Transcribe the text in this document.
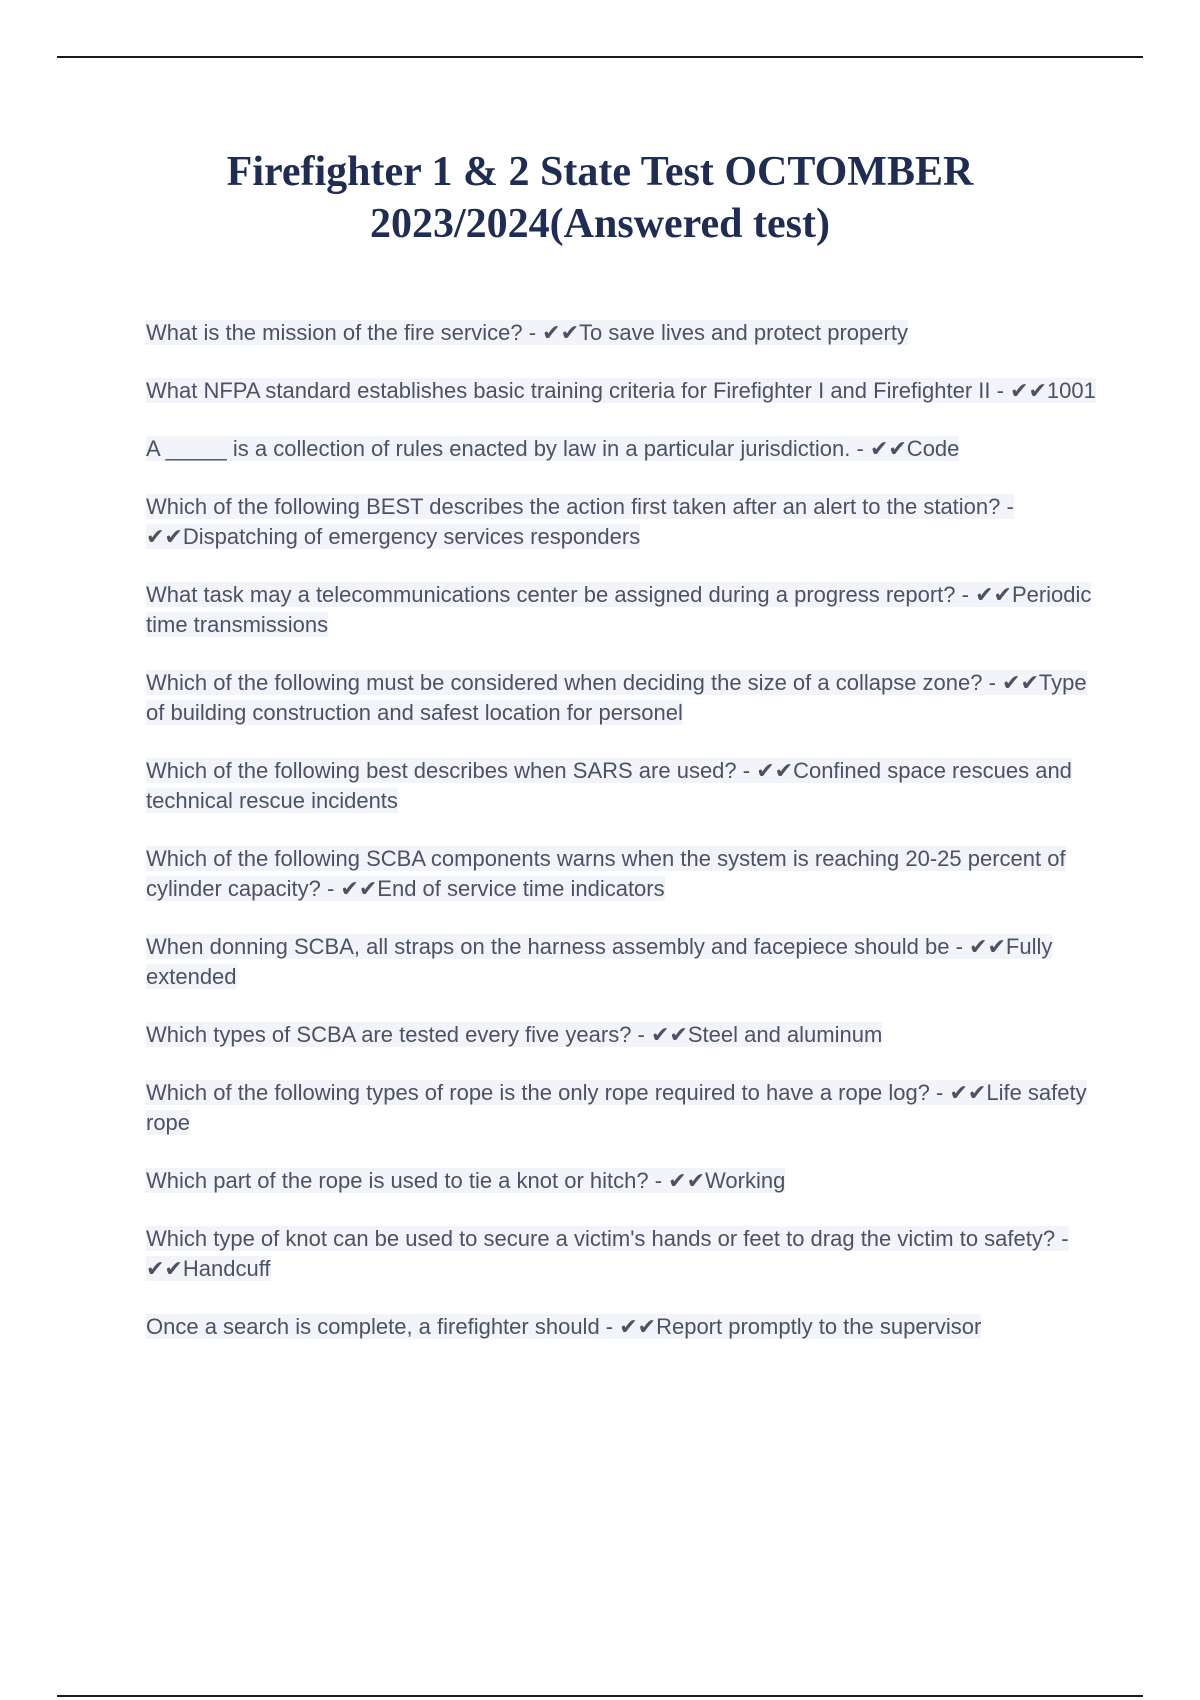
Firefighter 1 & 2 State Test OCTOMBER 2023/2024(Answered test)
What is the mission of the fire service? - ✔✔To save lives and protect property
What NFPA standard establishes basic training criteria for Firefighter I and Firefighter II - ✔✔1001
A _____ is a collection of rules enacted by law in a particular jurisdiction. - ✔✔Code
Which of the following BEST describes the action first taken after an alert to the station? - ✔✔Dispatching of emergency services responders
What task may a telecommunications center be assigned during a progress report? - ✔✔Periodic time transmissions
Which of the following must be considered when deciding the size of a collapse zone? - ✔✔Type of building construction and safest location for personel
Which of the following best describes when SARS are used? - ✔✔Confined space rescues and technical rescue incidents
Which of the following SCBA components warns when the system is reaching 20-25 percent of cylinder capacity? - ✔✔End of service time indicators
When donning SCBA, all straps on the harness assembly and facepiece should be - ✔✔Fully extended
Which types of SCBA are tested every five years? - ✔✔Steel and aluminum
Which of the following types of rope is the only rope required to have a rope log? - ✔✔Life safety rope
Which part of the rope is used to tie a knot or hitch? - ✔✔Working
Which type of knot can be used to secure a victim's hands or feet to drag the victim to safety? - ✔✔Handcuff
Once a search is complete, a firefighter should - ✔✔Report promptly to the supervisor
